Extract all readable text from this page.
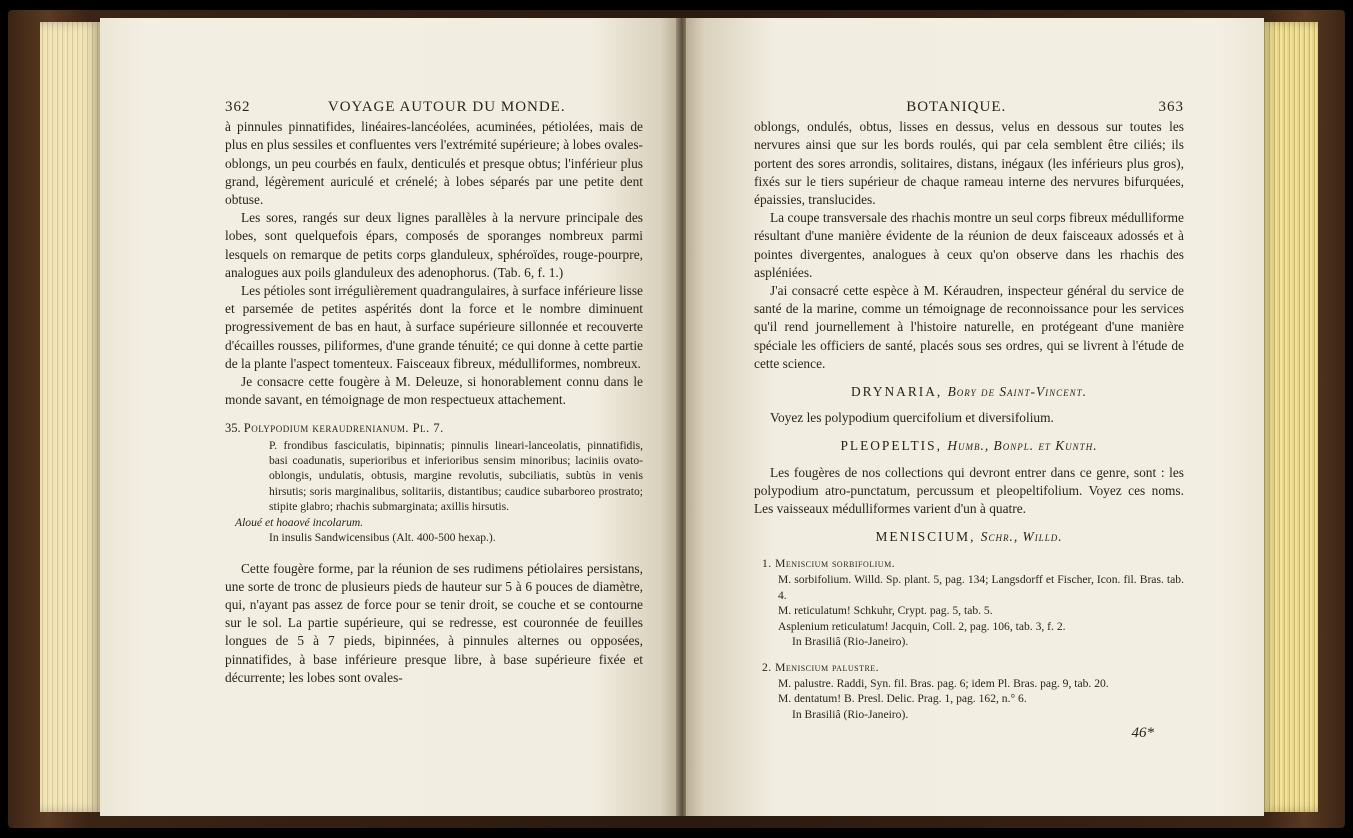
362	VOYAGE AUTOUR DU MONDE.

à pinnules pinnatifides, linéaires-lancéolées, acuminées, pétiolées, mais de plus en plus sessiles et confluentes vers l'extrémité supérieure; à lobes ovales-oblongs, un peu courbés en faulx, denticulés et presque obtus; l'inférieur plus grand, légèrement auriculé et crénelé; à lobes séparés par une petite dent obtuse.

Les sores, rangés sur deux lignes parallèles à la nervure principale des lobes, sont quelquefois épars, composés de sporanges nombreux parmi lesquels on remarque de petits corps glanduleux, sphéroïdes, rouge-pourpre, analogues aux poils glanduleux des adenophorus. (Tab. 6, f. 1.)

Les pétioles sont irrégulièrement quadrangulaires, à surface inférieure lisse et parsemée de petites aspérités dont la force et le nombre diminuent progressivement de bas en haut, à surface supérieure sillonnée et recouverte d'écailles rousses, piliformes, d'une grande ténuité; ce qui donne à cette partie de la plante l'aspect tomenteux. Faisceaux fibreux, médulliformes, nombreux.

Je consacre cette fougère à M. Deleuze, si honorablement connu dans le monde savant, en témoignage de mon respectueux attachement.

35. Polypodium keraudrenianum. Pl. 7.

P. frondibus fasciculatis, bipinnatis; pinnulis lineari-lanceolatis, pinnatifidis, basi coadunatis, superioribus et inferioribus sensim minoribus; laciniis ovato-oblongis, undulatis, obtusis, margine revolutis, subciliatis, subtùs in venis hirsutis; soris marginalibus, solitariis, distantibus; caudice subarboreo prostrato; stipite glabro; rhachis submarginata; axillis hirsutis.

Aloué et hoaové incolarum.

In insulis Sandwicensibus (Alt. 400-500 hexap.).

Cette fougère forme, par la réunion de ses rudimens pétiolaires persistans, une sorte de tronc de plusieurs pieds de hauteur sur 5 à 6 pouces de diamètre, qui, n'ayant pas assez de force pour se tenir droit, se couche et se contourne sur le sol. La partie supérieure, qui se redresse, est couronnée de feuilles longues de 5 à 7 pieds, bipinnées, à pinnules alternes ou opposées, pinnatifides, à base inférieure presque libre, à base supérieure fixée et décurrente; les lobes sont ovales-

BOTANIQUE.	363

oblongs, ondulés, obtus, lisses en dessus, velus en dessous sur toutes les nervures ainsi que sur les bords roulés, qui par cela semblent être ciliés; ils portent des sores arrondis, solitaires, distans, inégaux (les inférieurs plus gros), fixés sur le tiers supérieur de chaque rameau interne des nervures bifurquées, épaissies, translucides.

La coupe transversale des rhachis montre un seul corps fibreux médulliforme résultant d'une manière évidente de la réunion de deux faisceaux adossés et à pointes divergentes, analogues à ceux qu'on observe dans les rhachis des aspléniées.

J'ai consacré cette espèce à M. Kéraudren, inspecteur général du service de santé de la marine, comme un témoignage de reconnoissance pour les services qu'il rend journellement à l'histoire naturelle, en protégeant d'une manière spéciale les officiers de santé, placés sous ses ordres, qui se livrent à l'étude de cette science.

DRYNARIA, Bory de Saint-Vincent.

Voyez les polypodium quercifolium et diversifolium.

PLEOPELTIS, Humb., Bonpl. et Kunth.

Les fougères de nos collections qui devront entrer dans ce genre, sont : les polypodium atro-punctatum, percussum et pleopeltifolium. Voyez ces noms. Les vaisseaux médulliformes varient d'un à quatre.

MENISCIUM, Schr., Willd.

1. Meniscium sorbifolium.
M. sorbifolium. Willd. Sp. plant. 5, pag. 134; Langsdorff et Fischer, Icon. fil. Bras. tab. 4.
M. reticulatum! Schkuhr, Crypt. pag. 5, tab. 5.
Asplenium reticulatum! Jacquin, Coll. 2, pag. 106, tab. 3, f. 2.
In Brasiliâ (Rio-Janeiro).
2. Meniscium palustre.
M. palustre. Raddi, Syn. fil. Bras. pag. 6; idem Pl. Bras. pag. 9, tab. 20.
M. dentatum! B. Presl. Delic. Prag. 1, pag. 162, n.° 6.
In Brasiliâ (Rio-Janeiro).
46*
